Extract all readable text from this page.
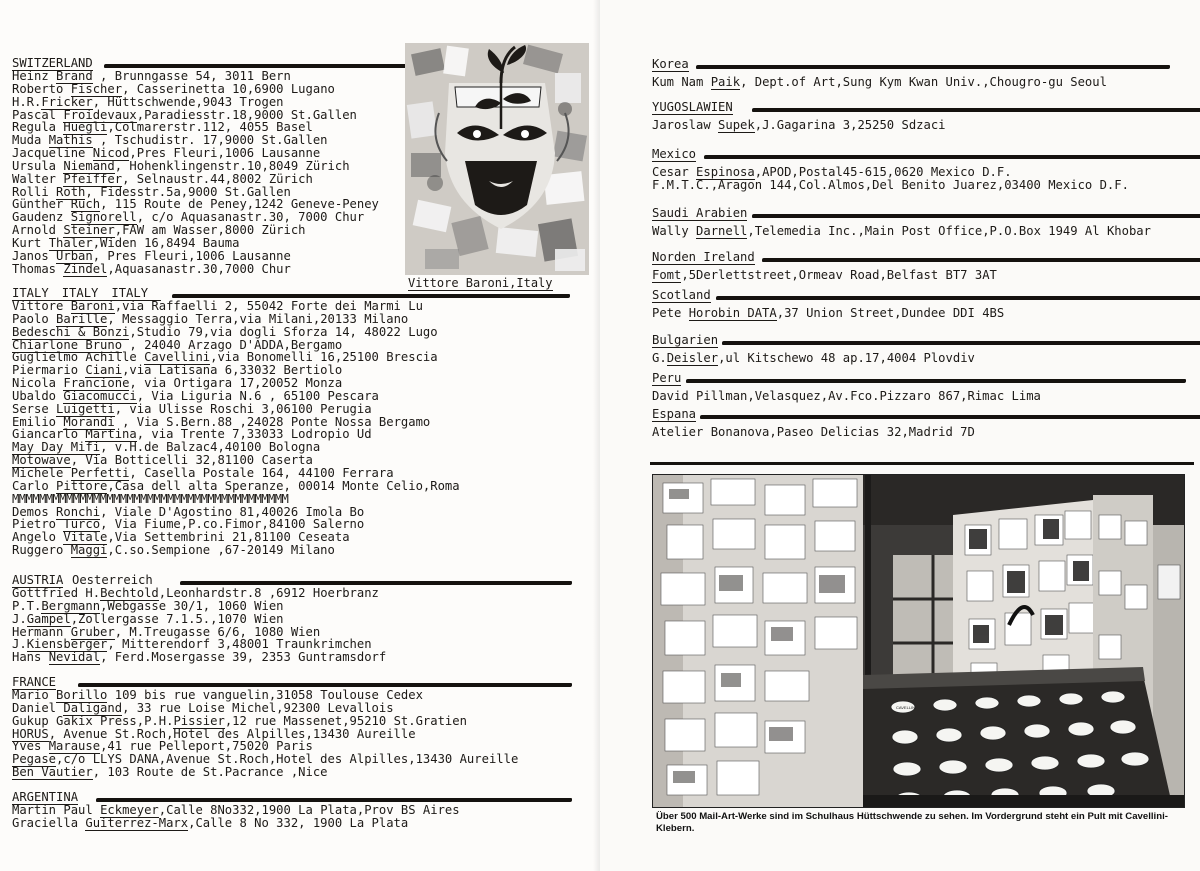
SWITZERLAND
Heinz Brand , Brunngasse 54, 3011 Bern
Roberto Fischer, Casserinetta 10,6900 Lugano
H.R.Fricker, Hüttschwende,9043 Trogen
Pascal Froidevaux,Paradiesstr.18,9000 St.Gallen
Regula Huegli,Colmarerstr.112, 4055 Basel
Muda Mathis , Tschudistr. 17,9000 St.Gallen
Jacqueline Nicod,Pres Fleuri,1006 Lausanne
Ursula Niemand, Hohenklingenstr.10,8049 Zürich
Walter Pfeiffer, Selnaustr.44,8002 Zürich
Rolli Roth, Fidesstr.5a,9000 St.Gallen
Günther Ruch, 115 Route de Peney,1242 Geneve-Peney
Gaudenz Signorell, c/o Aquasanastr.30, 7000 Chur
Arnold Steiner,FAW am Wasser,8000 Zürich
Kurt Thaler,Widen 16,8494 Bauma
Janos Urban, Pres Fleuri,1006 Lausanne
Thomas Zindel,Aquasanastr.30,7000 Chur
Vittore Baroni,Italy
ITALY ITALY ITALY
Vittore Baroni,via Raffaelli 2, 55042 Forte dei Marmi Lu
Paolo Barille, Messaggio Terra,via Milani,20133 Milano
Bedeschi & Bonzi,Studio 79,via dogli Sforza 14, 48022 Lugo
Chiarlone Bruno , 24040 Arzago D'ADDA,Bergamo
Guglielmo Achille Cavellini,via Bonomelli 16,25100 Brescia
Piermario Ciani,via Latisana 6,33032 Bertiolo
Nicola Francione, via Ortigara 17,20052 Monza
Ubaldo Giacomucci, Via Liguria N.6 , 65100 Pescara
Serse Luigetti, via Ulisse Roschi 3,06100 Perugia
Emilio Morandi , Via S.Bern.88 ,24028 Ponte Nossa Bergamo
Giancarlo Martina, via Trente 7,33033 Lodropio Ud
May Day Mifi, v.H.de Balzac4,40100 Bologna
Motowave, Via Botticelli 32,81100 Caserta
Michele Perfetti, Casella Postale 164, 44100 Ferrara
Carlo Pittore,Casa dell alta Speranze, 00014 Monte Celio,Roma
MMMMMMMMMMMMMMMMMMMMMMMMMMMMMMMMMMMMMMMMM
Demos Ronchi, Viale D'Agostino 81,40026 Imola Bo
Pietro Turco, Via Fiume,P.co.Fimor,84100 Salerno
Angelo Vitale,Via Settembrini 21,81100 Ceseata
Ruggero Maggi,C.so.Sempione ,67-20149 Milano
AUSTRIA Oesterreich
Gottfried H.Bechtold,Leonhardstr.8 ,6912 Hoerbranz
P.T.Bergmann,Webgasse 30/1, 1060 Wien
J.Gampel,Zollergasse 7.1.5.,1070 Wien
Hermann Gruber, M.Treugasse 6/6, 1080 Wien
J.Kiensberger, Mitterendorf 3,48001 Traunkrimchen
Hans Nevidal, Ferd.Mosergasse 39, 2353 Guntramsdorf
FRANCE
Mario Borillo 109 bis rue vanguelin,31058 Toulouse Cedex
Daniel Daligand, 33 rue Loise Michel,92300 Levallois
Gukup Gakix Press,P.H.Pissier,12 rue Massenet,95210 St.Gratien
HORUS, Avenue St.Roch,Hotel des Alpilles,13430 Aureille
Yves Marause,41 rue Pelleport,75020 Paris
Pegase,c/o LLYS DANA,Avenue St.Roch,Hotel des Alpilles,13430 Aureille
Ben Vautier, 103 Route de St.Pacrance ,Nice
ARGENTINA
Martin Paul Eckmeyer,Calle 8No332,1900 La Plata,Prov BS Aires
Graciella Guiterrez-Marx,Calle 8 No 332, 1900 La Plata
Korea
Kum Nam Paik, Dept.of Art,Sung Kym Kwan Univ.,Chougro-gu Seoul
YUGOSLAWIEN
Jaroslaw Supek,J.Gagarina 3,25250 Sdzaci
Mexico
Cesar Espinosa,APOD,Postal45-615,0620 Mexico D.F.
F.M.T.C.,Aragon 144,Col.Almos,Del Benito Juarez,03400 Mexico D.F.
Saudi Arabien
Wally Darnell,Telemedia Inc.,Main Post Office,P.O.Box 1949 Al Khobar
Norden Ireland
Fomt,5Derlettstreet,Ormeav Road,Belfast BT7 3AT
Scotland
Pete Horobin DATA,37 Union Street,Dundee DDI 4BS
Bulgarien
G.Deisler,ul Kitschewo 48 ap.17,4004 Plovdiv
Peru
David Pillman,Velasquez,Av.Fco.Pizzaro 867,Rimac Lima
Espana
Atelier Bonanova,Paseo Delicias 32,Madrid 7D
CAVELLINI
Über 500 Mail-Art-Werke sind im Schulhaus Hüttschwende zu sehen. Im Vordergrund steht ein Pult mit Cavellini-Klebern.
